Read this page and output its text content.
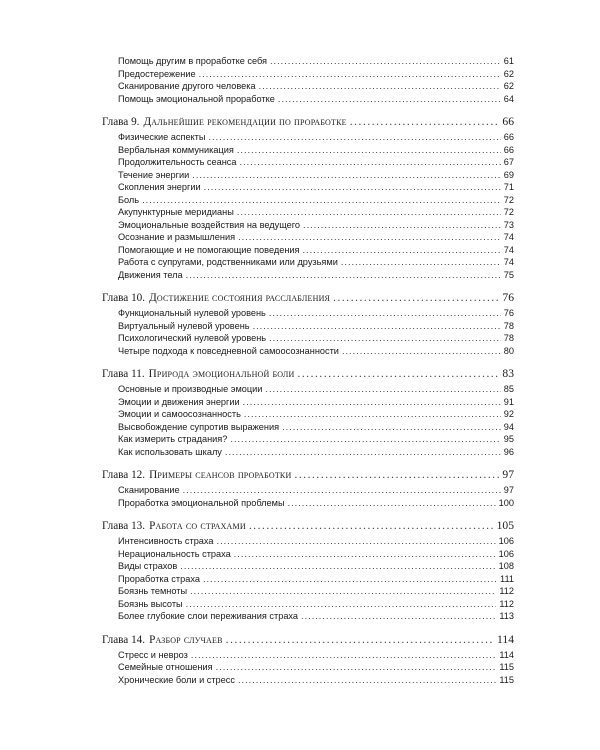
Помощь другим в проработке себя .....	61
Предостережение .....	62
Сканирование другого человека .....	62
Помощь эмоциональной проработке .....	64
Глава 9. Дальнейшие рекомендации по проработке .....	66
Физические аспекты .....	66
Вербальная коммуникация .....	66
Продолжительность сеанса .....	67
Течение энергии .....	69
Скопления энергии .....	71
Боль .....	72
Акупунктурные меридианы .....	72
Эмоциональные воздействия на ведущего .....	73
Осознание и размышления .....	74
Помогающие и не помогающие поведения .....	74
Работа с супругами, родственниками или друзьями .....	74
Движения тела .....	75
Глава 10. Достижение состояния расслабления .....	76
Функциональный нулевой уровень .....	76
Виртуальный нулевой уровень .....	78
Психологический нулевой уровень .....	78
Четыре подхода к повседневной самоосознанности .....	80
Глава 11. Природа эмоциональной боли .....	83
Основные и производные эмоции .....	85
Эмоции и движения энергии .....	91
Эмоции и самоосознанность .....	92
Высвобождение супротив выражения .....	94
Как измерить страдания? .....	95
Как использовать шкалу .....	96
Глава 12. Примеры сеансов проработки .....	97
Сканирование .....	97
Проработка эмоциональной проблемы .....	100
Глава 13. Работа со страхами .....	105
Интенсивность страха .....	106
Нерациональность страха .....	106
Виды страхов .....	108
Проработка страха .....	111
Боязнь темноты .....	112
Боязнь высоты .....	112
Более глубокие слои переживания страха .....	113
Глава 14. Разбор случаев .....	114
Стресс и невроз .....	114
Семейные отношения .....	115
Хронические боли и стресс .....	115
